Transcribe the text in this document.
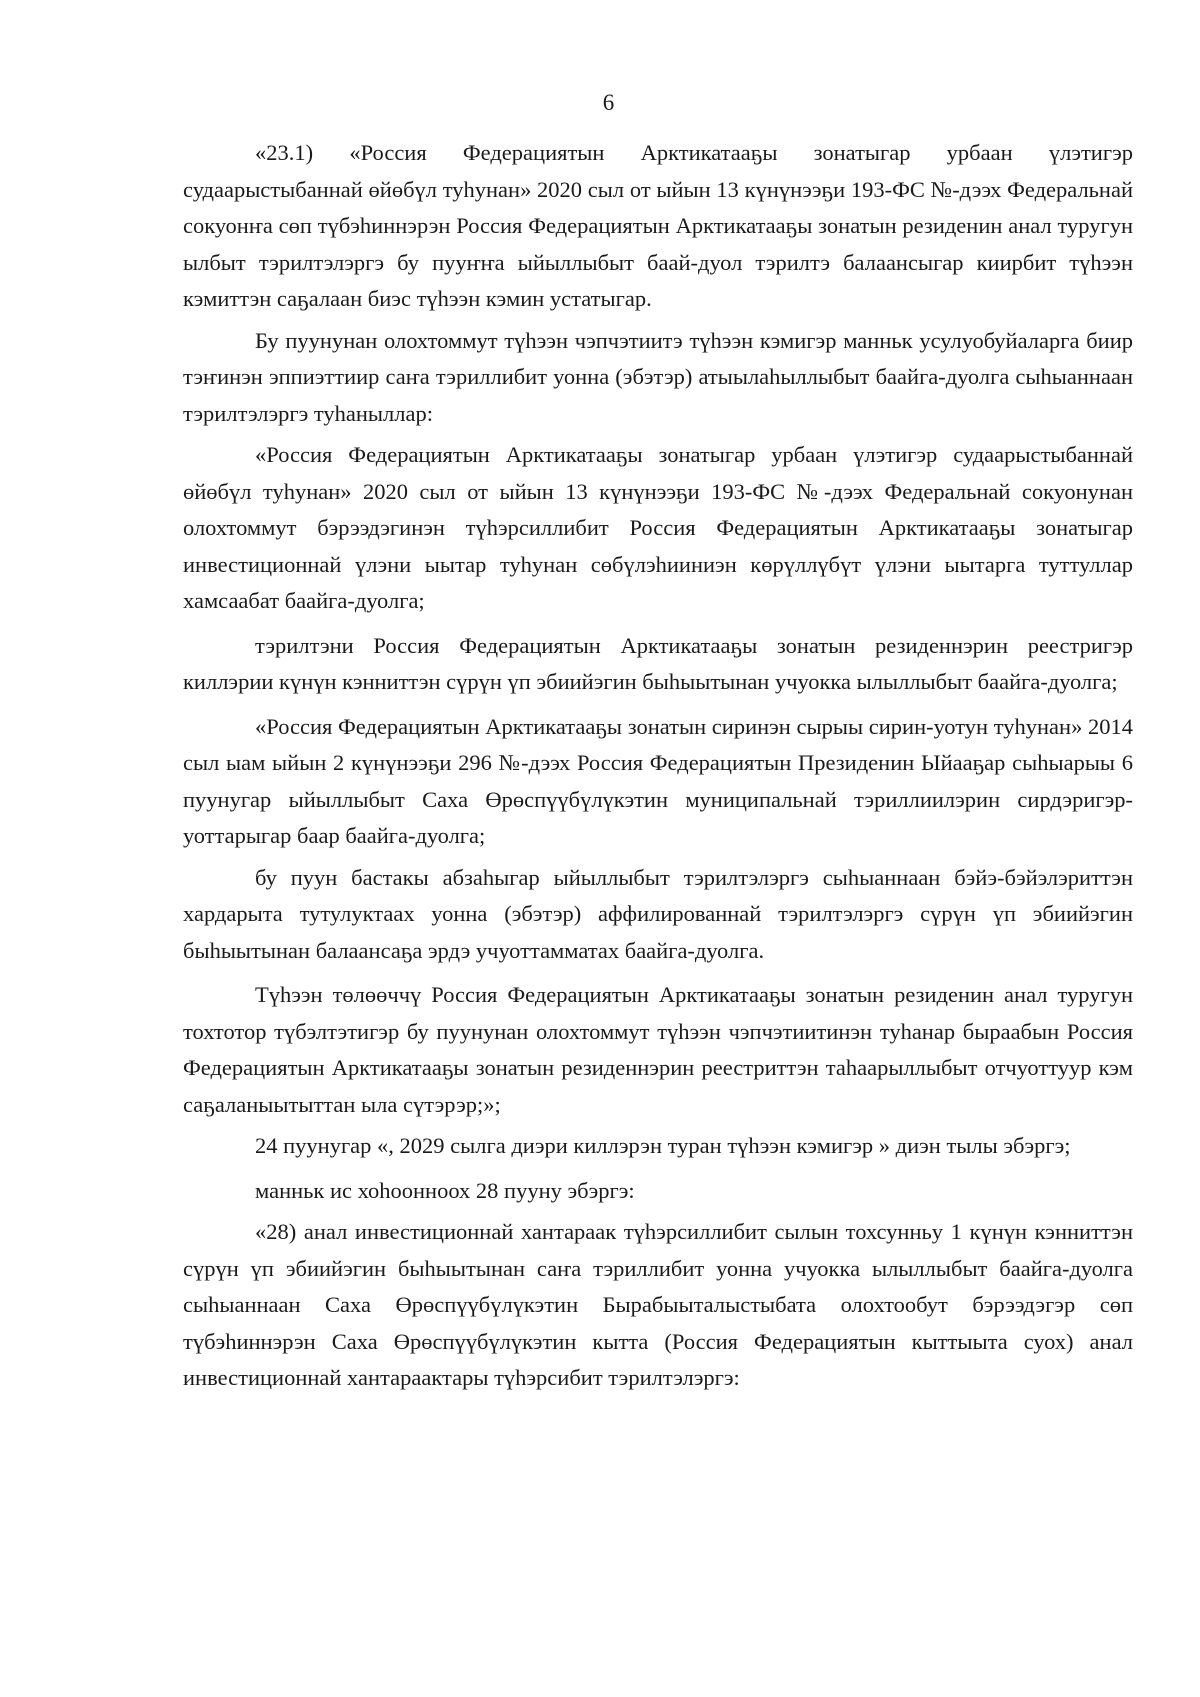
6

«23.1) «Россия Федерациятын Арктикатааҕы зонатыгар урбаан үлэтигэр судаарыстыбаннай өйөбүл туһунан» 2020 сыл от ыйын 13 күнүнээҕи 193-ФС №-дээх Федеральнай сокуонҥа сөп түбэһиннэрэн Россия Федерациятын Арктикатааҕы зонатын резиденин анал туругун ылбыт тэрилтэлэргэ бу пууҥҥа ыйыллыбыт баай-дуол тэрилтэ балаансыгар киирбит түһээн кэмиттэн саҕалаан биэс түһээн кэмин устатыгар.

Бу пуунунан олохтоммут түһээн чэпчэтиитэ түһээн кэмигэр манньк усулуобуйаларга биир тэҥинэн эппиэттиир саҥа тэриллибит уонна (эбэтэр) атыылаһыллыбыт баайга-дуолга сыһыаннаан тэрилтэлэргэ туһаныллар:

«Россия Федерациятын Арктикатааҕы зонатыгар урбаан үлэтигэр судаарыстыбаннай өйөбүл туһунан» 2020 сыл от ыйын 13 күнүнээҕи 193-ФС №-дээх Федеральнай сокуонунан олохтоммут бэрээдэгинэн түһэрсиллибит Россия Федерациятын Арктикатааҕы зонатыгар инвестиционнай үлэни ыытар туһунан сөбүлэһииниэн көрүллүбүт үлэни ыытарга туттуллар хамсаабат баайга-дуолга;

тэрилтэни Россия Федерациятын Арктикатааҕы зонатын резиденнэрин реестригэр киллэрии күнүн кэнниттэн сүрүн үп эбиийэгин быһыытынан учуокка ылыллыбыт баайга-дуолга;

«Россия Федерациятын Арктикатааҕы зонатын сиринэн сырыы сирин-уотун туһунан» 2014 сыл ыам ыйын 2 күнүнээҕи 296 №-дээх Россия Федерациятын Президенин Ыйааҕар сыһыарыы 6 пуунугар ыйыллыбыт Саха Өрөспүүбүлүкэтин муниципальнай тэриллиилэрин сирдэригэр-уоттарыгар баар баайга-дуолга;

бу пуун бастакы абзаһыгар ыйыллыбыт тэрилтэлэргэ сыһыаннаан бэйэ-бэйэлэриттэн хардарыта тутулуктаах уонна (эбэтэр) аффилированнай тэрилтэлэргэ сүрүн үп эбиийэгин быһыытынан балаансаҕа эрдэ учуоттамматах баайга-дуолга.

Түһээн төлөөччү Россия Федерациятын Арктикатааҕы зонатын резиденин анал туругун тохтотор түбэлтэтигэр бу пуунунан олохтоммут түһээн чэпчэтиитинэн туһанар быраабын Россия Федерациятын Арктикатааҕы зонатын резиденнэрин реестриттэн таһаарыллыбыт отчуоттуур кэм саҕаланыытыттан ыла сүтэрэр;»;

24 пуунугар «, 2029 сылга диэри киллэрэн туран түһээн кэмигэр » диэн тылы эбэргэ;

манньк ис хоһоонноох 28 пууну эбэргэ:

«28) анал инвестиционнай хантараак түһэрсиллибит сылын тохсунньу 1 күнүн кэнниттэн сүрүн үп эбиийэгин быһыытынан саҥа тэриллибит уонна учуокка ылыллыбыт баайга-дуолга сыһыаннаан Саха Өрөспүүбүлүкэтин Бырабыыталыстыбата олохтообут бэрээдэгэр сөп түбэһиннэрэн Саха Өрөспүүбүлүкэтин кытта (Россия Федерациятын кыттыыта суох) анал инвестиционнай хантараактары түһэрсибит тэрилтэлэргэ:
